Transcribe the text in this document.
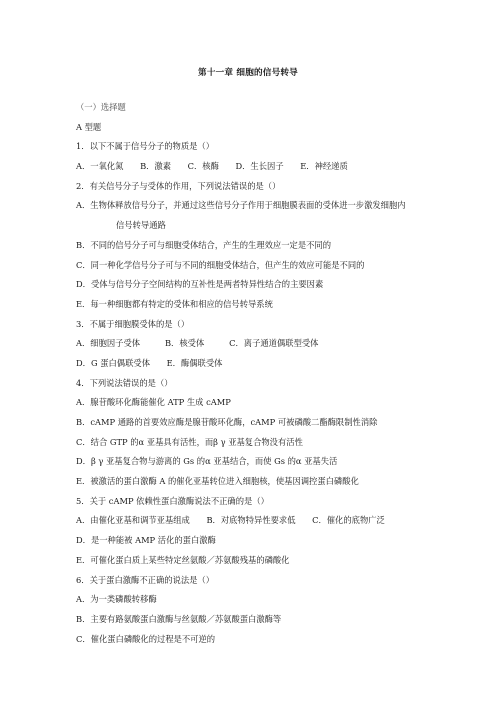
第十一章 细胞的信号转导
（一）选择题
A 型题
1．以下不属于信号分子的物质是（）
A．一氧化氮　　B．激素　　C．核酶　　D．生长因子　　E．神经递质
2．有关信号分子与受体的作用，下列说法错误的是（）
A．生物体释放信号分子，并通过这些信号分子作用于细胞膜表面的受体进一步激发细胞内
信号转导通路
B．不同的信号分子可与细胞受体结合，产生的生理效应一定是不同的
C．同一种化学信号分子可与不同的细胞受体结合，但产生的效应可能是不同的
D．受体与信号分子空间结构的互补性是两者特异性结合的主要因素
E．每一种细胞都有特定的受体和相应的信号转导系统
3．不属于细胞膜受体的是（）
A．细胞因子受体　　　B．核受体　　　C．离子通道偶联型受体
D．G 蛋白偶联受体　　E．酶偶联受体
4．下列说法错误的是（）
A．腺苷酸环化酶能催化 ATP 生成 cAMP
B．cAMP 通路的首要效应酶是腺苷酸环化酶，cAMP 可被磷酸二酯酶限制性消除
C．结合 GTP 的α 亚基具有活性，而β γ 亚基复合物没有活性
D．β γ 亚基复合物与游离的 Gs 的α 亚基结合，而使 Gs 的α 亚基失活
E．被激活的蛋白激酶 A 的催化亚基转位进入细胞核，使基因调控蛋白磷酸化
5．关于 cAMP 依赖性蛋白激酶说法不正确的是（）
A．由催化亚基和调节亚基组成　　B．对底物特异性要求低　　C．催化的底物广泛
D．是一种能被 AMP 活化的蛋白激酶
E．可催化蛋白质上某些特定丝氨酸／苏氨酸残基的磷酸化
6．关于蛋白激酶不正确的说法是（）
A．为一类磷酸转移酶
B．主要有路氨酸蛋白激酶与丝氨酸／苏氨酸蛋白激酶等
C．催化蛋白磷酸化的过程是不可逆的
